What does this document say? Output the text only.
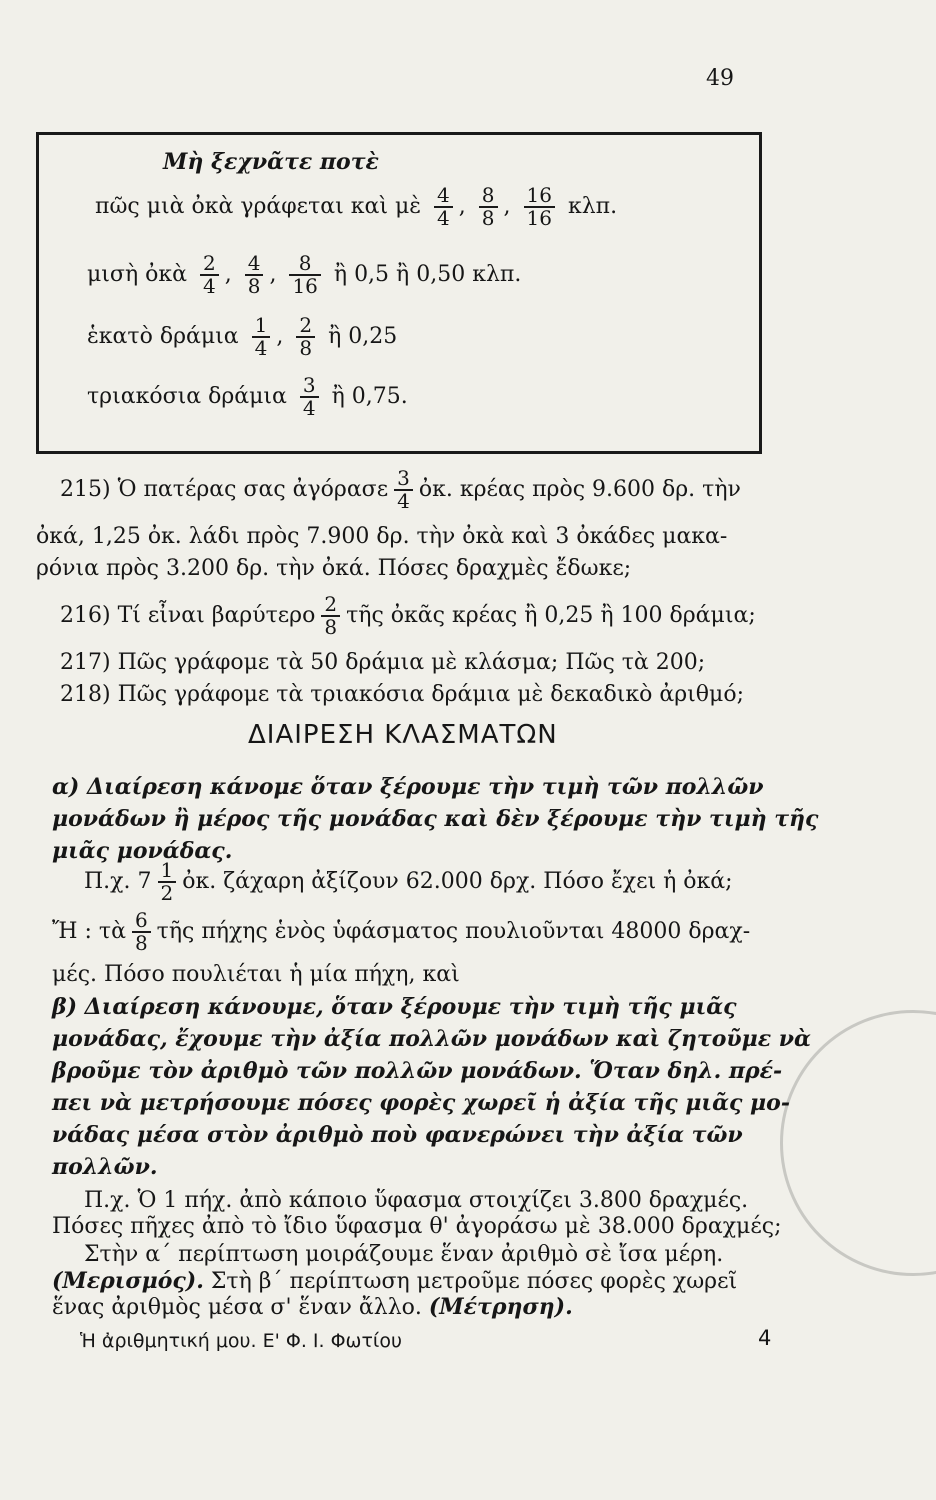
49
Μὴ ξεχνᾶτε ποτὲ
πῶς μιὰ ὀκὰ γράφεται καὶ μὲ $\frac{4}{4}$ , $\frac{8}{8}$ , $\frac{16}{16} \kappa\lambda\pi$.
μισὴ ὀκὰ $\frac{2}{4}$ , $\frac{4}{8}$ , $\frac{8}{16}$ ἢ 0,5 ἢ 0,50 κλπ.
ἑκατὸ δράμια $\frac{1}{4}$ , $\frac{2}{8}$ ἢ 0,25
τριακόσια δράμια $\frac{3}{4}$ ἢ 0,75.
215) Ὁ πατέρας σας ἀγόρασε $\frac{3}{4}$ ὀκ. κρέας πρὸς 9.600 δρ. τὴν
ὀκά, 1,25 ὀκ. λάδι πρὸς 7.900 δρ. τὴν ὀκὰ καὶ 3 ὀκάδες μακα-
ρόνια πρὸς 3.200 δρ. τὴν ὀκά. Πόσες δραχμὲς ἔδωκε;
216) Τί εἶναι βαρύτερο $\frac{2}{8}$ τῆς ὀκᾶς κρέας ἢ 0,25 ἢ 100 δράμια;
217) Πῶς γράφομε τὰ 50 δράμια μὲ κλάσμα; Πῶς τὰ 200;
218) Πῶς γράφομε τὰ τριακόσια δράμια μὲ δεκαδικὸ ἀριθμό;
ΔΙΑΙΡΕΣΗ ΚΛΑΣΜΑΤΩΝ
α) Διαίρεση κάνομε ὅταν ξέρουμε τὴν τιμὴ τῶν πολλῶν
μονάδων ἢ μέρος τῆς μονάδας καὶ δὲν ξέρουμε τὴν τιμὴ τῆς
μιᾶς μονάδας.
Π.χ. $7 \frac{1}{2}$ ὀκ. ζάχαρη ἀξίζουν 62.000 δρχ. Πόσο ἔχει ἡ ὀκά;
Ἤ : τὰ $\frac{6}{8}$ τῆς πήχης ἑνὸς ὑφάσματος πουλιοῦνται 48000 δραχ-
μές. Πόσο πουλιέται ἡ μία πήχη, καὶ
β) Διαίρεση κάνουμε, ὅταν ξέρουμε τὴν τιμὴ τῆς μιᾶς
μονάδας, ἔχουμε τὴν ἀξία πολλῶν μονάδων καὶ ζητοῦμε νὰ
βροῦμε τὸν ἀριθμὸ τῶν πολλῶν μονάδων. Ὅταν δηλ. πρέ-
πει νὰ μετρήσουμε πόσες φορὲς χωρεῖ ἡ ἀξία τῆς μιᾶς μο-
νάδας μέσα στὸν ἀριθμὸ ποὺ φανερώνει τὴν ἀξία τῶν
πολλῶν.
Π.χ. Ὁ 1 πήχ. ἀπὸ κάποιο ὕφασμα στοιχίζει 3.800 δραχμές.
Πόσες πῆχες ἀπὸ τὸ ἴδιο ὕφασμα θ' ἀγοράσω μὲ 38.000 δραχμές;
Στὴν α΄ περίπτωση μοιράζουμε ἕναν ἀριθμὸ σὲ ἴσα μέρη.
(Μερισμός). Στὴ β΄ περίπτωση μετροῦμε πόσες φορὲς χωρεῖ
Ἡ ἀριθμητική μου. Ε' Φ. Ι. Φωτίου	4
ἕνας ἀριθμὸς μέσα σ' ἕναν ἄλλο. (Μέτρηση).
